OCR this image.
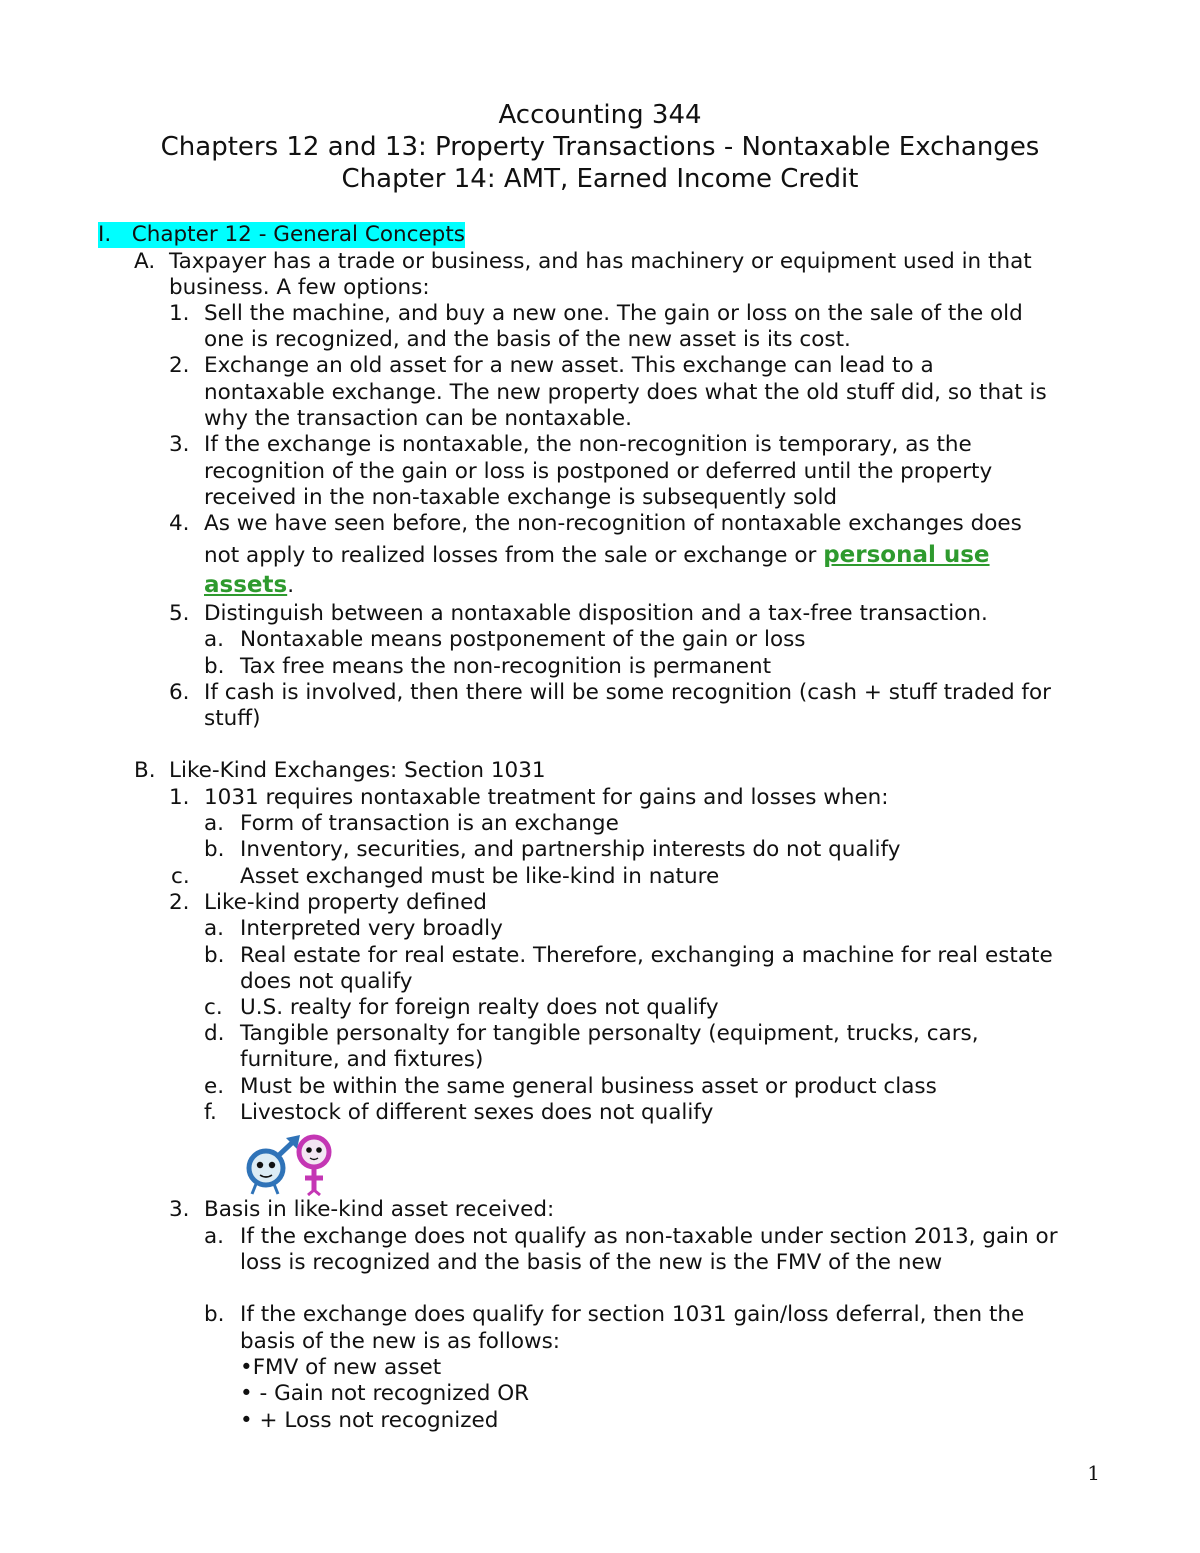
Accounting 344
Chapters 12 and 13: Property Transactions - Nontaxable Exchanges
Chapter 14: AMT, Earned Income Credit
I. Chapter 12 - General Concepts
A. Taxpayer has a trade or business, and has machinery or equipment used in that
business. A few options:
1. Sell the machine, and buy a new one. The gain or loss on the sale of the old
one is recognized, and the basis of the new asset is its cost.
2. Exchange an old asset for a new asset. This exchange can lead to a
nontaxable exchange. The new property does what the old stuff did, so that is
why the transaction can be nontaxable.
3. If the exchange is nontaxable, the non-recognition is temporary, as the
recognition of the gain or loss is postponed or deferred until the property
received in the non-taxable exchange is subsequently sold
4. As we have seen before, the non-recognition of nontaxable exchanges does
not apply to realized losses from the sale or exchange or personal use
assets.
5. Distinguish between a nontaxable disposition and a tax-free transaction.
a. Nontaxable means postponement of the gain or loss
b. Tax free means the non-recognition is permanent
6. If cash is involved, then there will be some recognition (cash + stuff traded for
stuff)
B. Like-Kind Exchanges: Section 1031
1. 1031 requires nontaxable treatment for gains and losses when:
a. Form of transaction is an exchange
b. Inventory, securities, and partnership interests do not qualify
c. Asset exchanged must be like-kind in nature
2. Like-kind property defined
a. Interpreted very broadly
b. Real estate for real estate. Therefore, exchanging a machine for real estate
does not qualify
c. U.S. realty for foreign realty does not qualify
d. Tangible personalty for tangible personalty (equipment, trucks, cars,
furniture, and fixtures)
e. Must be within the same general business asset or product class
f. Livestock of different sexes does not qualify
3. Basis in like-kind asset received:
a. If the exchange does not qualify as non-taxable under section 2013, gain or
loss is recognized and the basis of the new is the FMV of the new
b. If the exchange does qualify for section 1031 gain/loss deferral, then the
basis of the new is as follows:
•FMV of new asset
• - Gain not recognized OR
• + Loss not recognized
1
